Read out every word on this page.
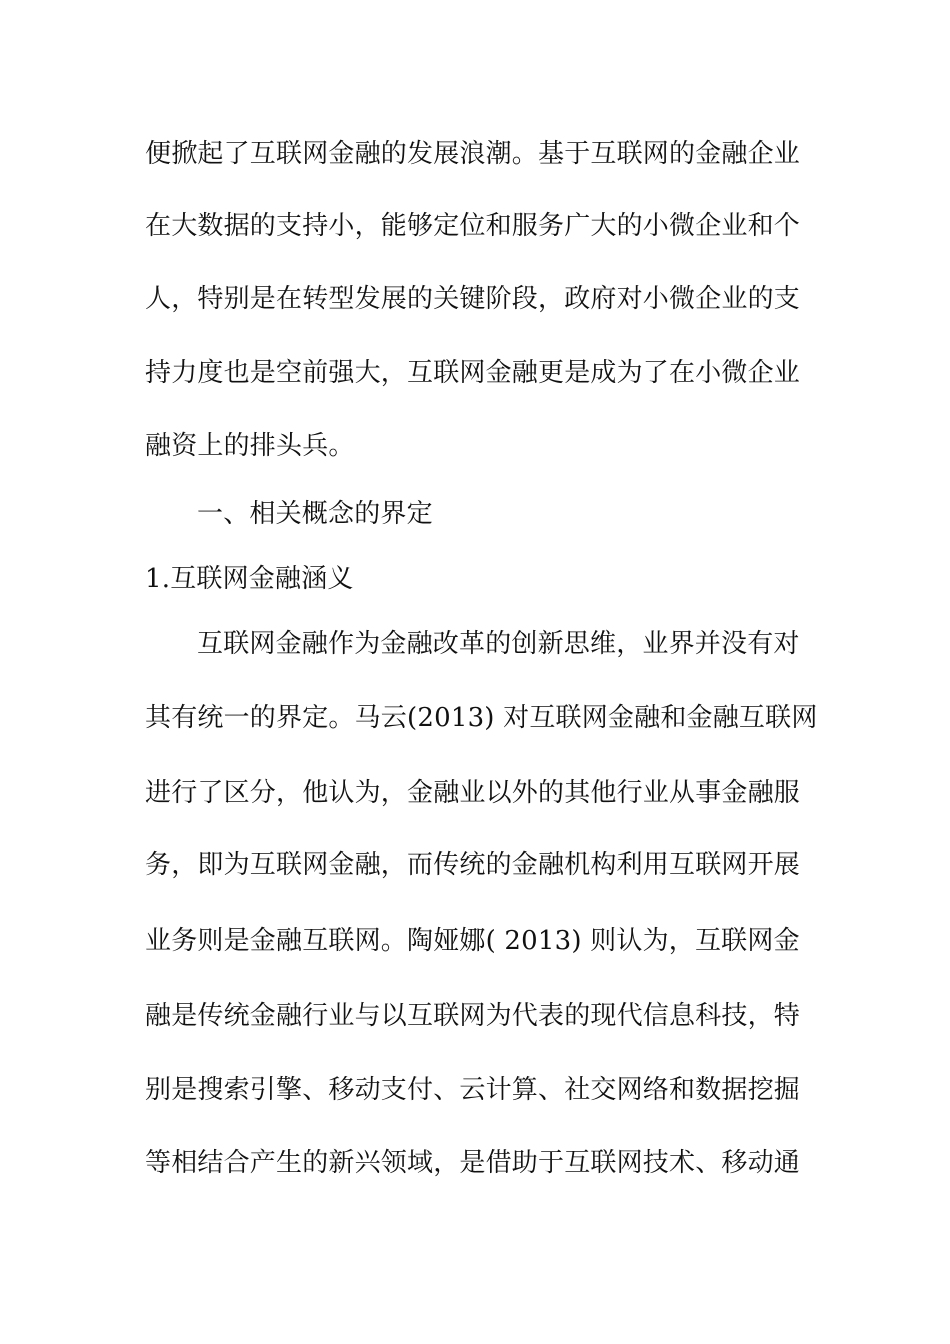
便掀起了互联网金融的发展浪潮。基于互联网的金融企业
在大数据的支持小，能够定位和服务广大的小微企业和个
人，特别是在转型发展的关键阶段，政府对小微企业的支
持力度也是空前强大，互联网金融更是成为了在小微企业
融资上的排头兵。
一、相关概念的界定
1.互联网金融涵义
互联网金融作为金融改革的创新思维，业界并没有对
其有统一的界定。马云(2013) 对互联网金融和金融互联网
进行了区分，他认为，金融业以外的其他行业从事金融服
务，即为互联网金融，而传统的金融机构利用互联网开展
业务则是金融互联网。陶娅娜( 2013) 则认为，互联网金
融是传统金融行业与以互联网为代表的现代信息科技，特
别是搜索引擎、移动支付、云计算、社交网络和数据挖掘
等相结合产生的新兴领域，是借助于互联网技术、移动通
